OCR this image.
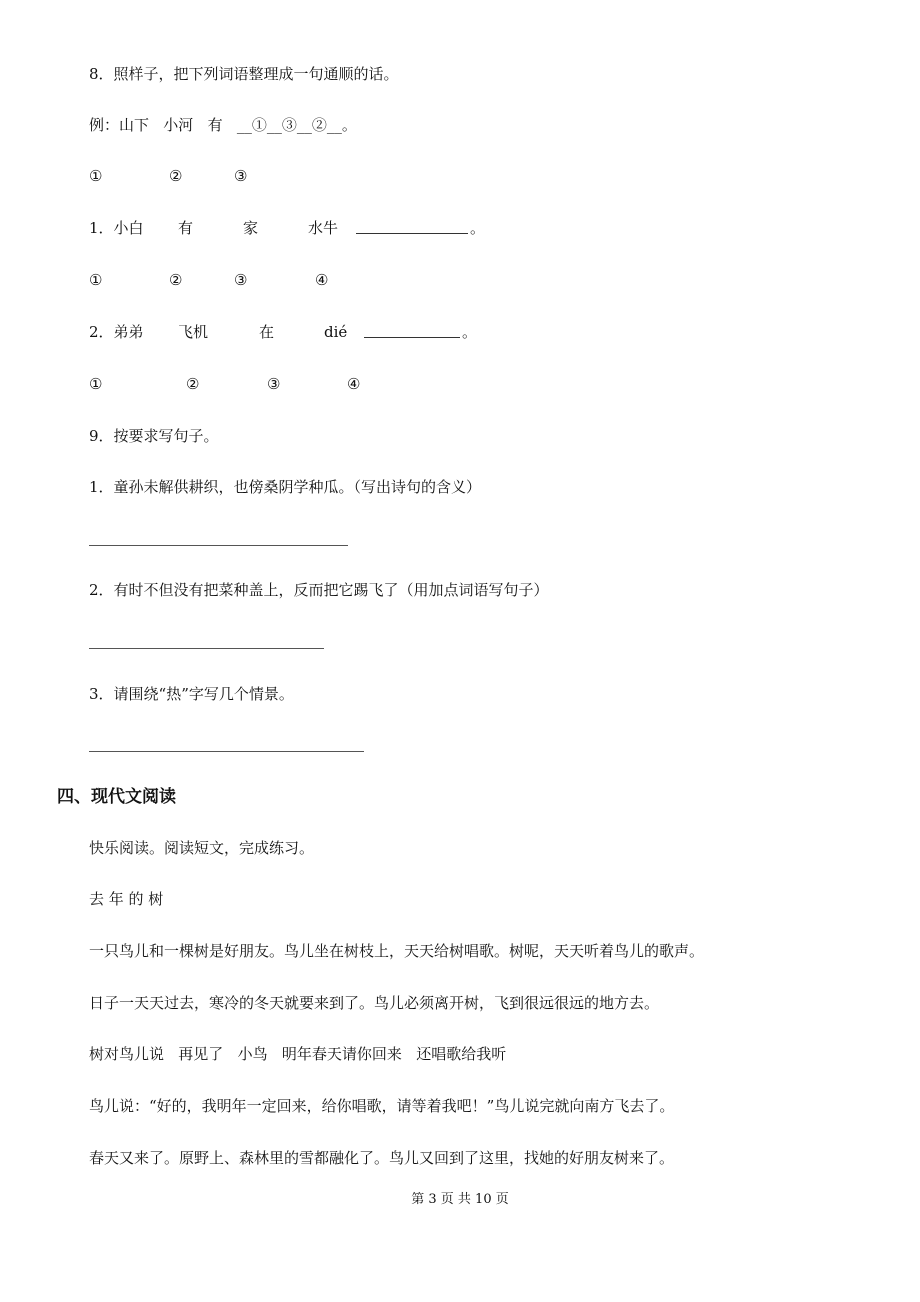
8．照样子，把下列词语整理成一句通顺的话。
例：山下   小河   有   __①__③__②__。
①	②	③
1．小白 有	家	水牛	。
①	②	③	④
2．弟弟 飞机	在	dié	。
①	②	③	④
9．按要求写句子。
1．童孙未解供耕织，也傍桑阴学种瓜。（写出诗句的含义）
2．有时不但没有把菜种盖上，反而把它踢飞了（用加点词语写句子）
3．请围绕“热”字写几个情景。
四、现代文阅读
快乐阅读。阅读短文，完成练习。
去 年 的 树
一只鸟儿和一棵树是好朋友。鸟儿坐在树枝上，天天给树唱歌。树呢，天天听着鸟儿的歌声。
日子一天天过去，寒冷的冬天就要来到了。鸟儿必须离开树，飞到很远很远的地方去。
树对鸟儿说   再见了   小鸟   明年春天请你回来   还唱歌给我听
鸟儿说：“好的，我明年一定回来，给你唱歌，请等着我吧！”鸟儿说完就向南方飞去了。
春天又来了。原野上、森林里的雪都融化了。鸟儿又回到了这里，找她的好朋友树来了。
第 3 页 共 10 页
